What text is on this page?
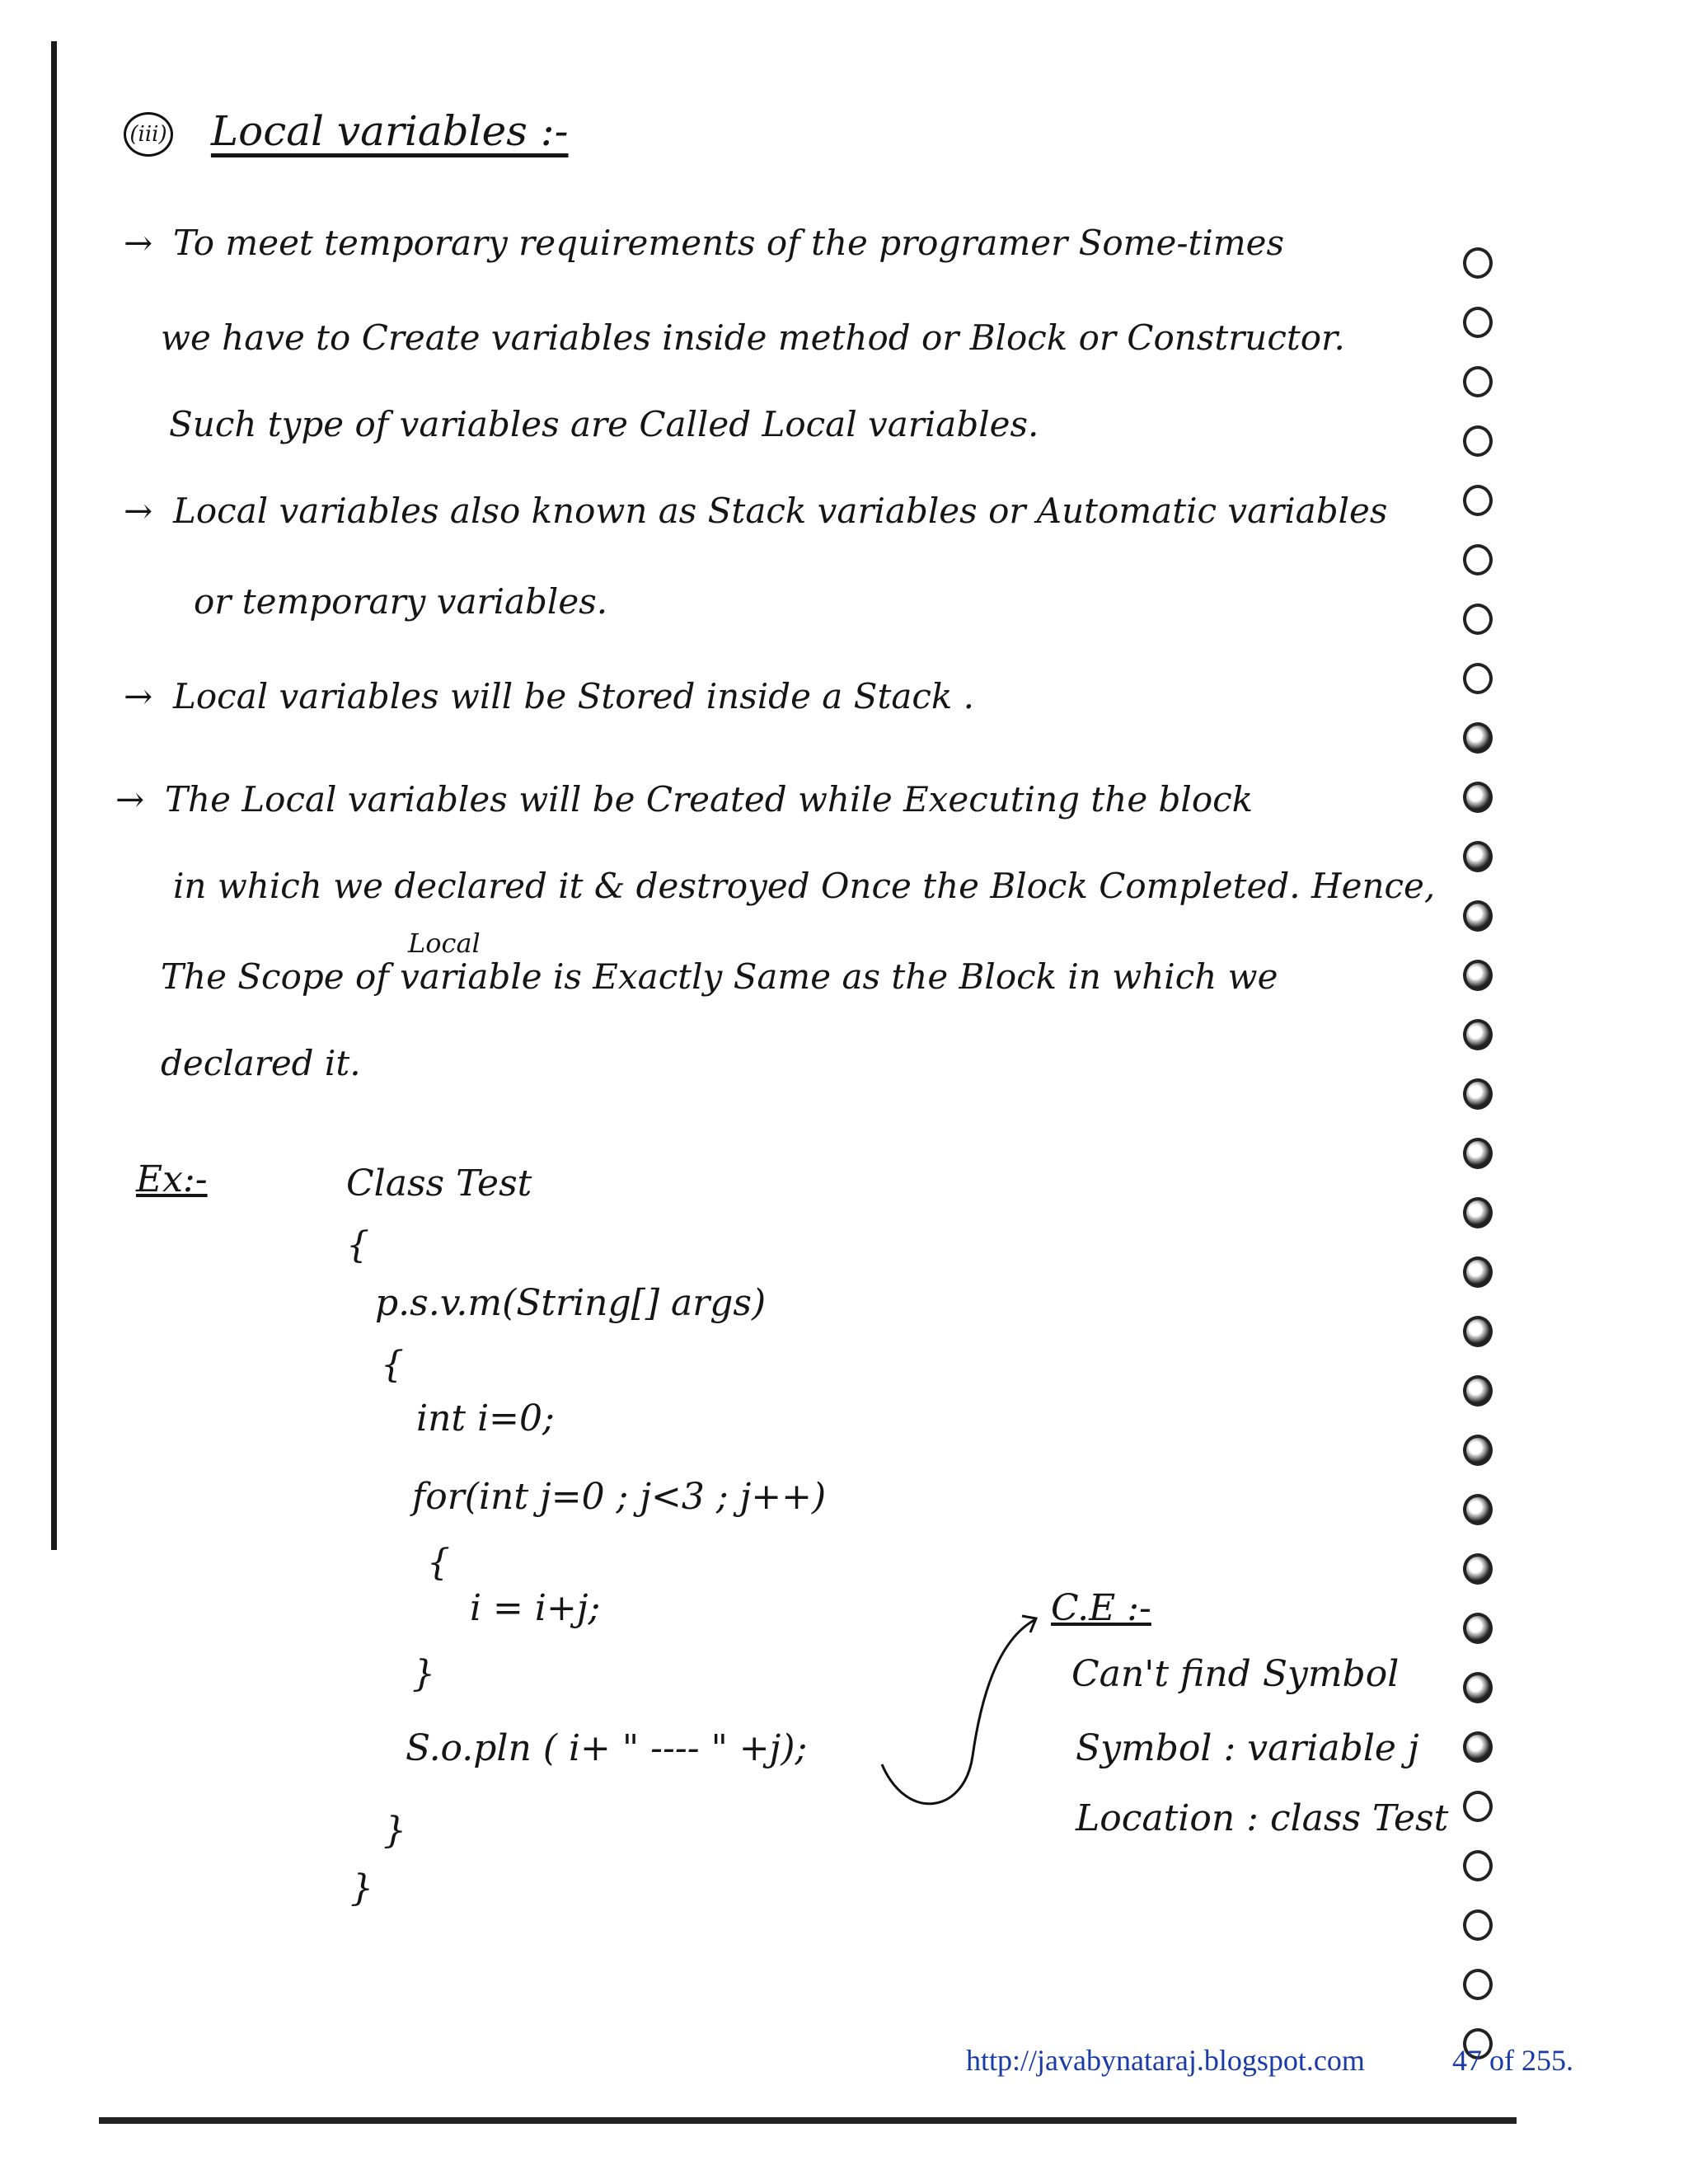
(iii) Local variables :-
→ To meet temporary requirements of the programer Some-times
we have to Create variables inside method or Block or Constructor.
Such type of variables are Called Local variables.
→ Local variables also known as Stack variables or Automatic variables
or temporary variables.
→ Local variables will be Stored inside a Stack .
→ The Local variables will be Created while Executing the block
in which we declared it & destroyed Once the Block Completed. Hence,
Local
The Scope of variable is Exactly Same as the Block in which we
declared it.
Ex:-	Class Test
{
p.s.v.m(String[] args)
{
int i=0;
for(int j=0 ; j<3 ; j++)
{
i = i+j;
}
S.o.pln ( i+ " ---- " +j);
}
}
C.E :-
Can't find Symbol
Symbol : variable j
Location : class Test
http://javabynataraj.blogspot.com	47 of 255.
